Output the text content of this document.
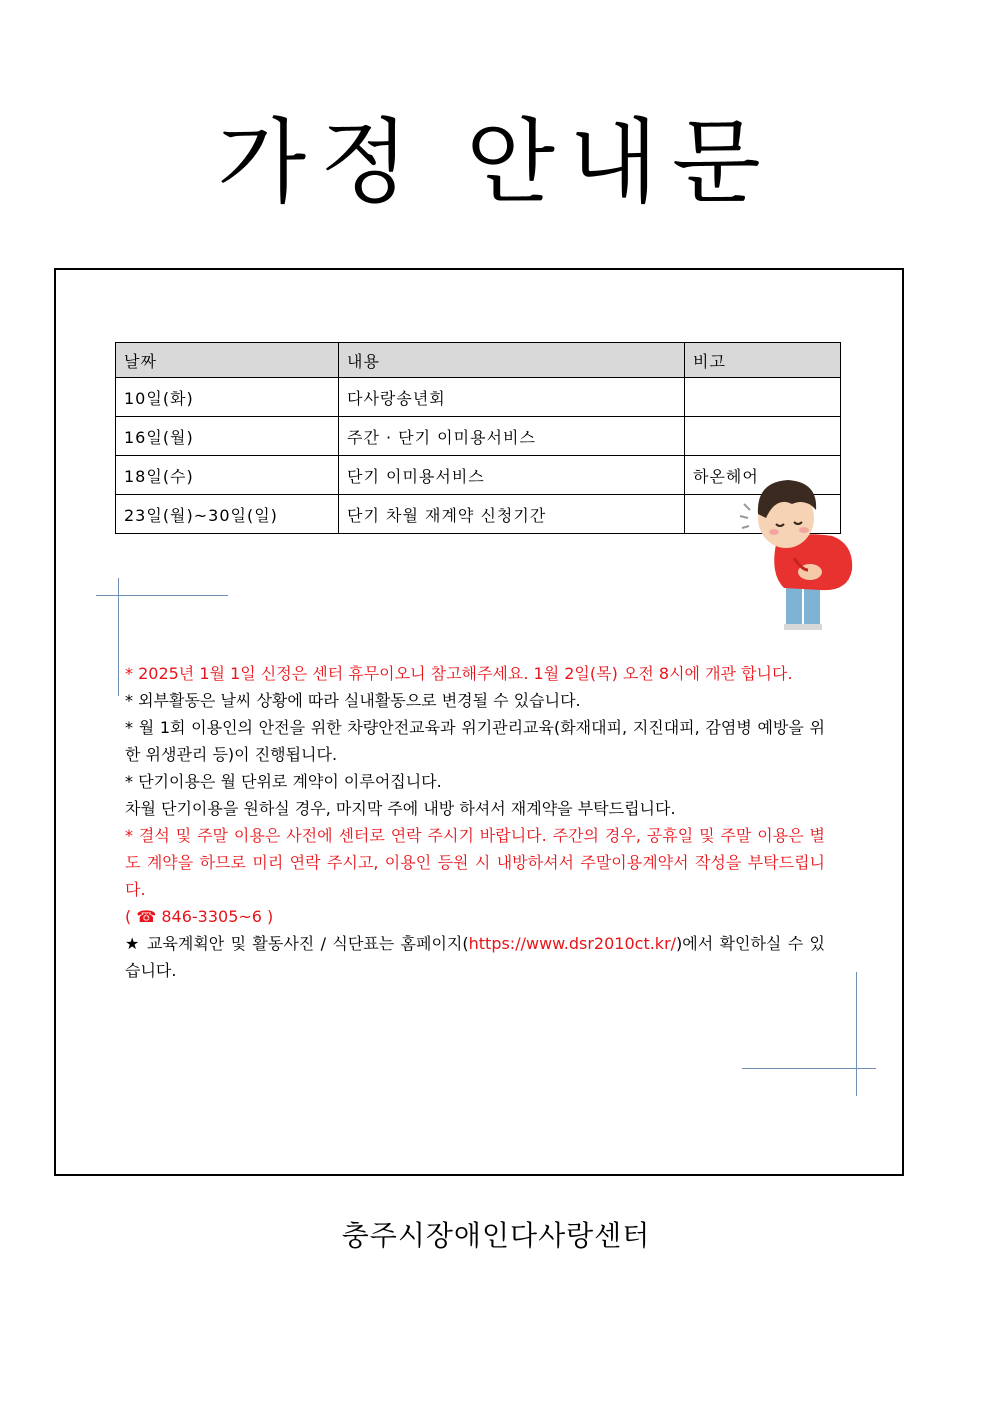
가정 안내문
날짜	내용	비고
10일(화)	다사랑송년회	
16일(월)	주간 · 단기 이미용서비스	
18일(수)	단기 이미용서비스	하온헤어
23일(월)~30일(일)	단기 차월 재계약 신청기간	

* 2025년 1월 1일 신정은 센터 휴무이오니 참고해주세요. 1월 2일(목) 오전 8시에 개관 합니다.

* 외부활동은 날씨 상황에 따라 실내활동으로 변경될 수 있습니다.

* 월 1회 이용인의 안전을 위한 차량안전교육과 위기관리교육(화재대피, 지진대피, 감염병 예방을 위한 위생관리 등)이 진행됩니다.

* 단기이용은 월 단위로 계약이 이루어집니다.

차월 단기이용을 원하실 경우, 마지막 주에 내방 하셔서 재계약을 부탁드립니다.

* 결석 및 주말 이용은 사전에 센터로 연락 주시기 바랍니다. 주간의 경우, 공휴일 및 주말 이용은 별도 계약을 하므로 미리 연락 주시고, 이용인 등원 시 내방하셔서 주말이용계약서 작성을 부탁드립니다.

( ☎ 846-3305~6 )

★ 교육계획안 및 활동사진 / 식단표는 홈페이지(https://www.dsr2010ct.kr/)에서 확인하실 수 있습니다.

충주시장애인다사랑센터
